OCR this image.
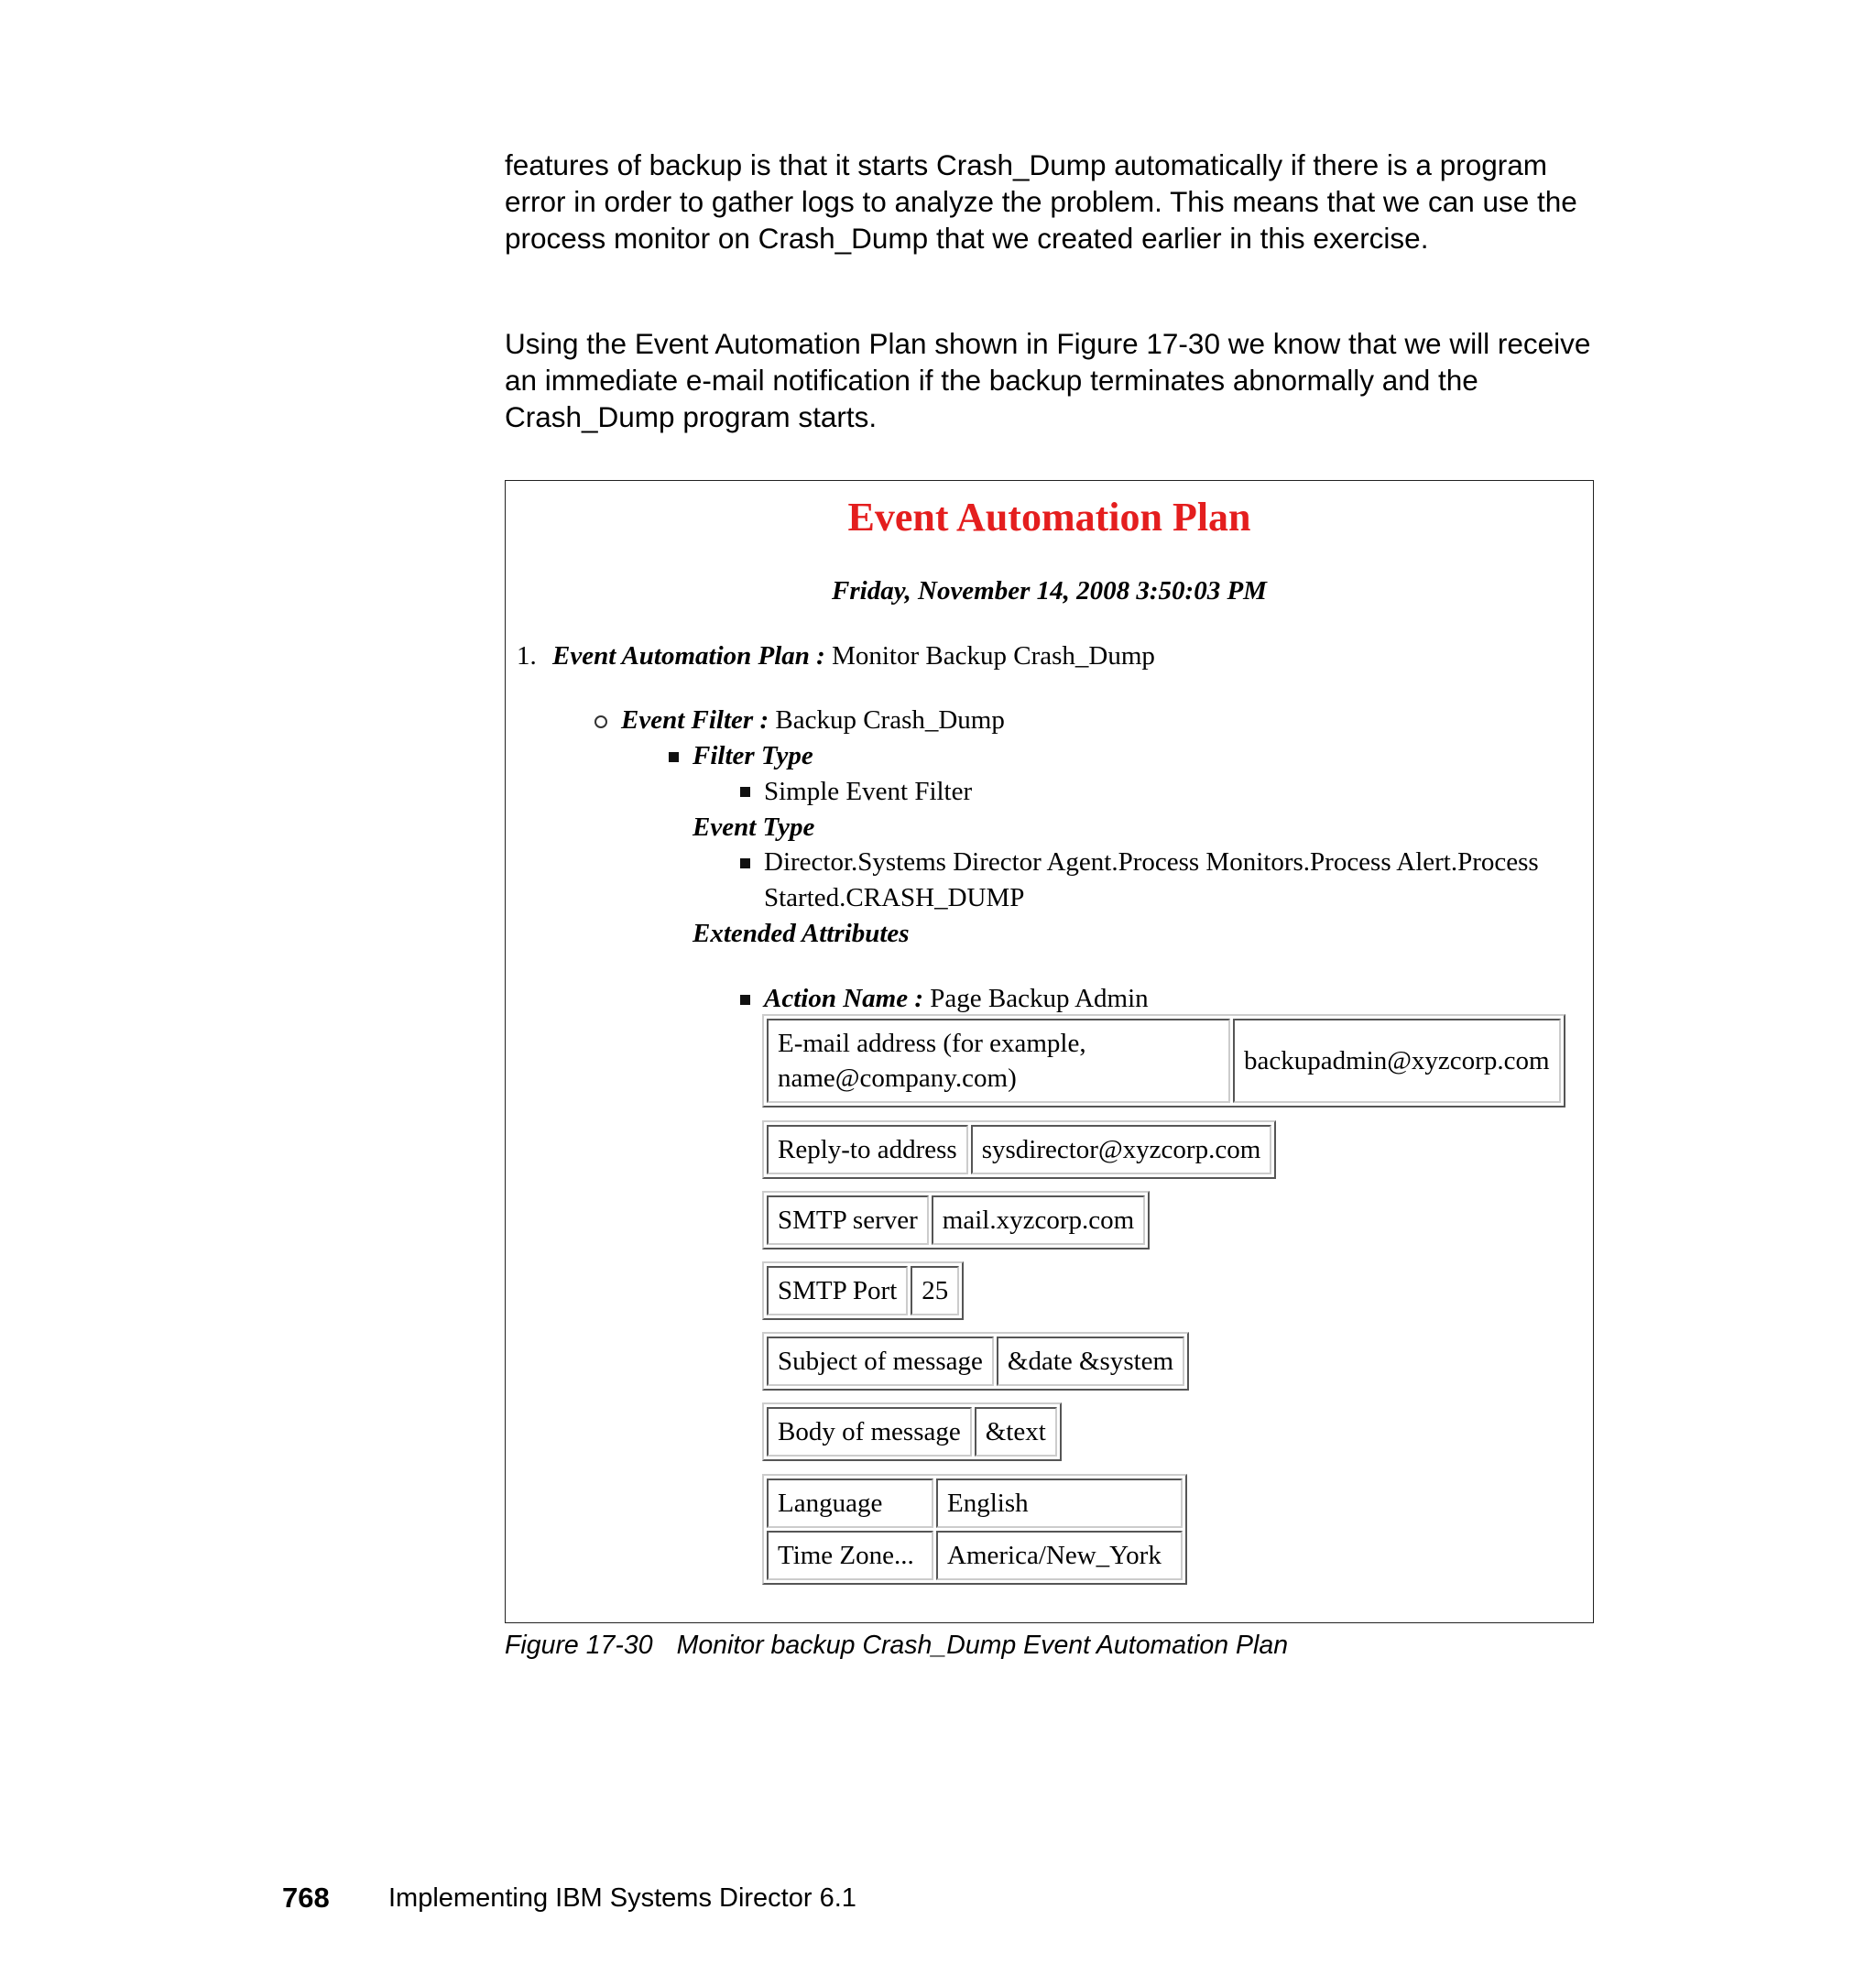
features of backup is that it starts Crash_Dump automatically if there is a program error in order to gather logs to analyze the problem. This means that we can use the process monitor on Crash_Dump that we created earlier in this exercise.

Using the Event Automation Plan shown in Figure 17-30 we know that we will receive an immediate e-mail notification if the backup terminates abnormally and the Crash_Dump program starts.

Event Automation Plan
Friday, November 14, 2008 3:50:03 PM
1. Event Automation Plan : Monitor Backup Crash_Dump
Event Filter : Backup Crash_Dump
Filter Type
Simple Event Filter
Event Type
Director.Systems Director Agent.Process Monitors.Process Alert.Process
Started.CRASH_DUMP
Extended Attributes
Action Name : Page Backup Admin
E-mail address (for example,
name@company.com)
	backupadmin@xyzcorp.com
Reply-to address	sysdirector@xyzcorp.com
SMTP server	mail.xyzcorp.com
SMTP Port	25
Subject of message	&date &system
Body of message	&text
Language	English
Time Zone...	America/New_York
Figure 17-30 Monitor backup Crash_Dump Event Automation Plan
768 Implementing IBM Systems Director 6.1
